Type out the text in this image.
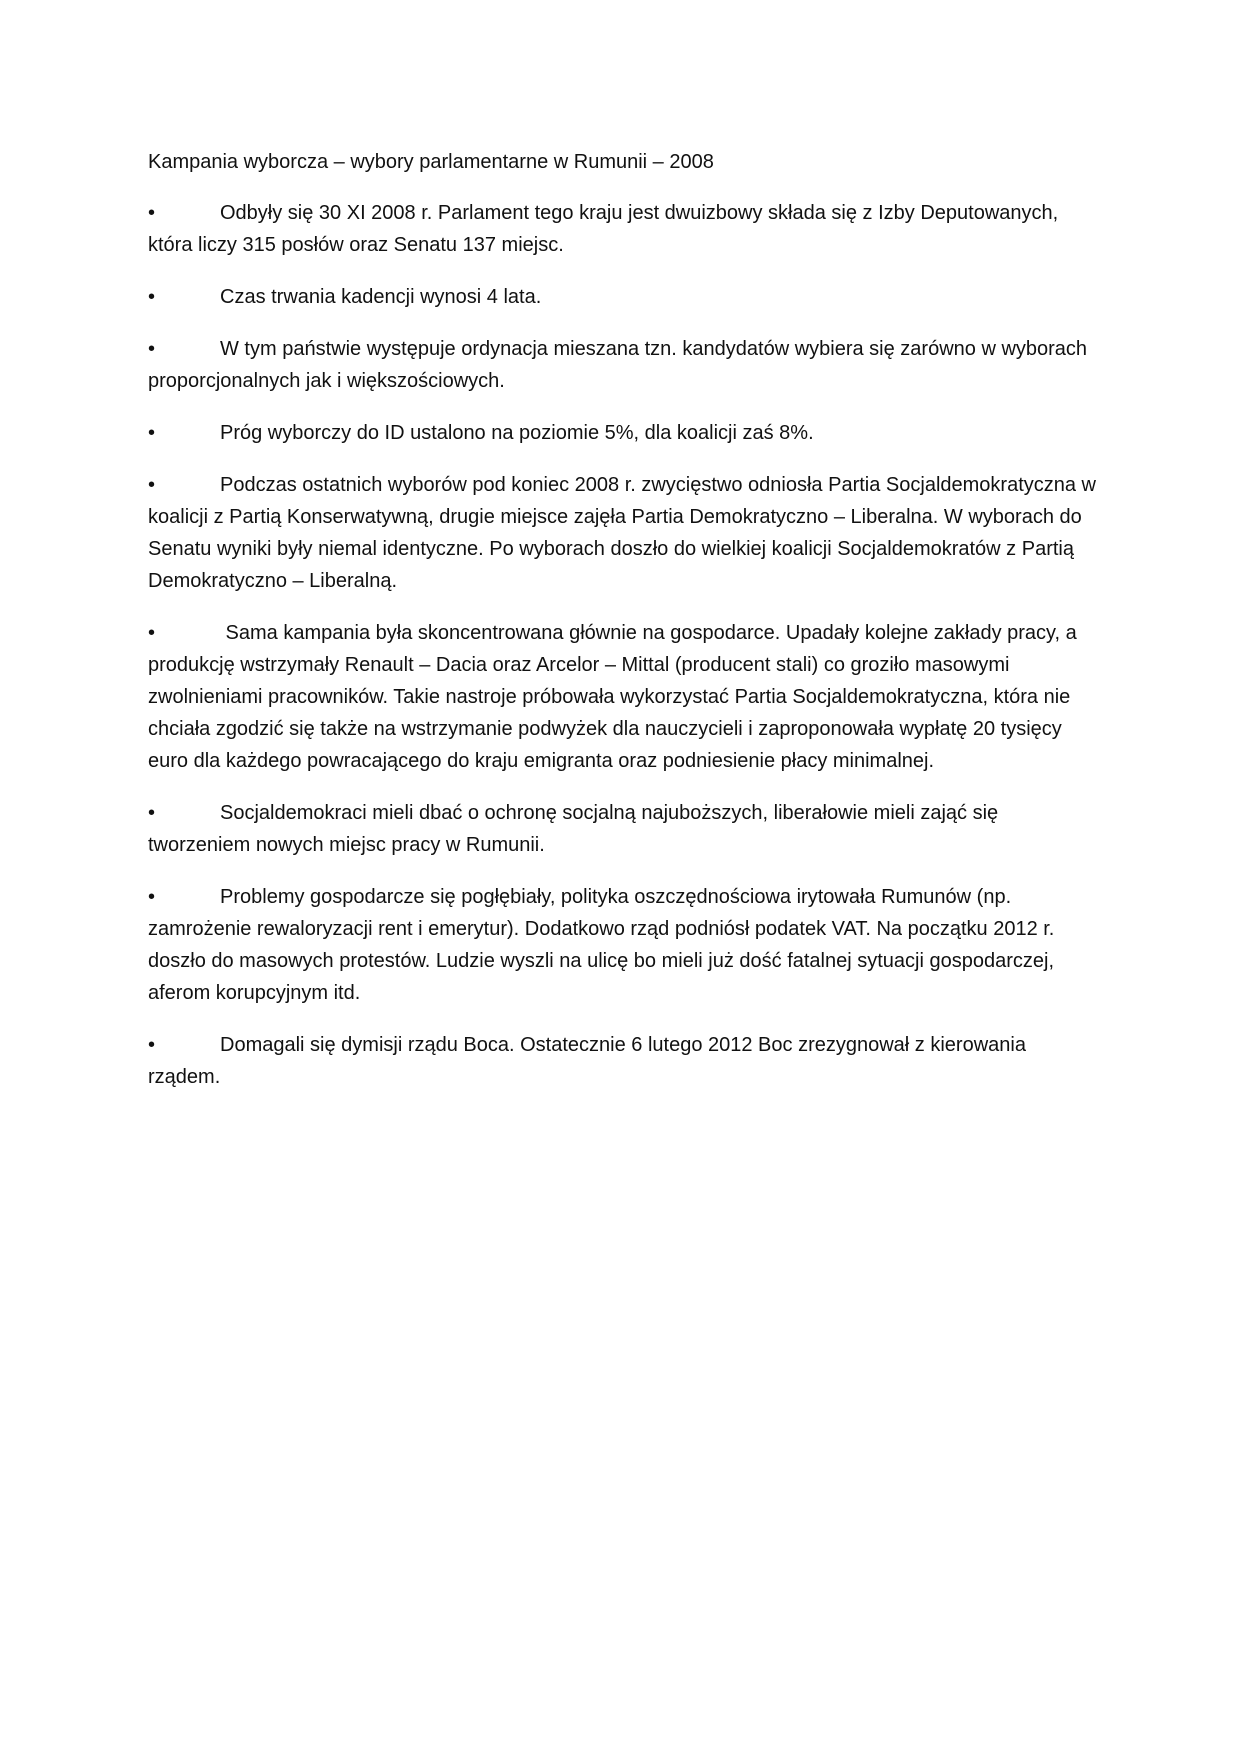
Kampania wyborcza – wybory parlamentarne w Rumunii – 2008

•	Odbyły się 30 XI 2008 r. Parlament tego kraju jest dwuizbowy składa się z Izby Deputowanych, która liczy 315 posłów oraz Senatu 137 miejsc.

•	Czas trwania kadencji wynosi 4 lata.

•	W tym państwie występuje ordynacja mieszana tzn. kandydatów wybiera się zarówno w wyborach proporcjonalnych jak i większościowych.

•	Próg wyborczy do ID ustalono na poziomie 5%, dla koalicji zaś 8%.

•	Podczas ostatnich wyborów pod koniec 2008 r. zwycięstwo odniosła Partia Socjaldemokratyczna w koalicji z Partią Konserwatywną, drugie miejsce zajęła Partia Demokratyczno – Liberalna. W wyborach do Senatu wyniki były niemal identyczne. Po wyborach doszło do wielkiej koalicji Socjaldemokratów z Partią Demokratyczno – Liberalną.

•	Sama kampania była skoncentrowana głównie na gospodarce. Upadały kolejne zakłady pracy, a produkcję wstrzymały Renault – Dacia oraz Arcelor – Mittal (producent stali) co groziło masowymi zwolnieniami pracowników. Takie nastroje próbowała wykorzystać Partia Socjaldemokratyczna, która nie chciała zgodzić się także na wstrzymanie podwyżek dla nauczycieli i zaproponowała wypłatę 20 tysięcy euro dla każdego powracającego do kraju emigranta oraz podniesienie płacy minimalnej.

•	Socjaldemokraci mieli dbać o ochronę socjalną najuboższych, liberałowie mieli zająć się tworzeniem nowych miejsc pracy w Rumunii.

•	Problemy gospodarcze się pogłębiały, polityka oszczędnościowa irytowała Rumunów (np. zamrożenie rewaloryzacji rent i emerytur). Dodatkowo rząd podniósł podatek VAT. Na początku 2012 r. doszło do masowych protestów. Ludzie wyszli na ulicę bo mieli już dość fatalnej sytuacji gospodarczej, aferom korupcyjnym itd.

•	Domagali się dymisji rządu Boca. Ostatecznie 6 lutego 2012 Boc zrezygnował z kierowania rządem.
